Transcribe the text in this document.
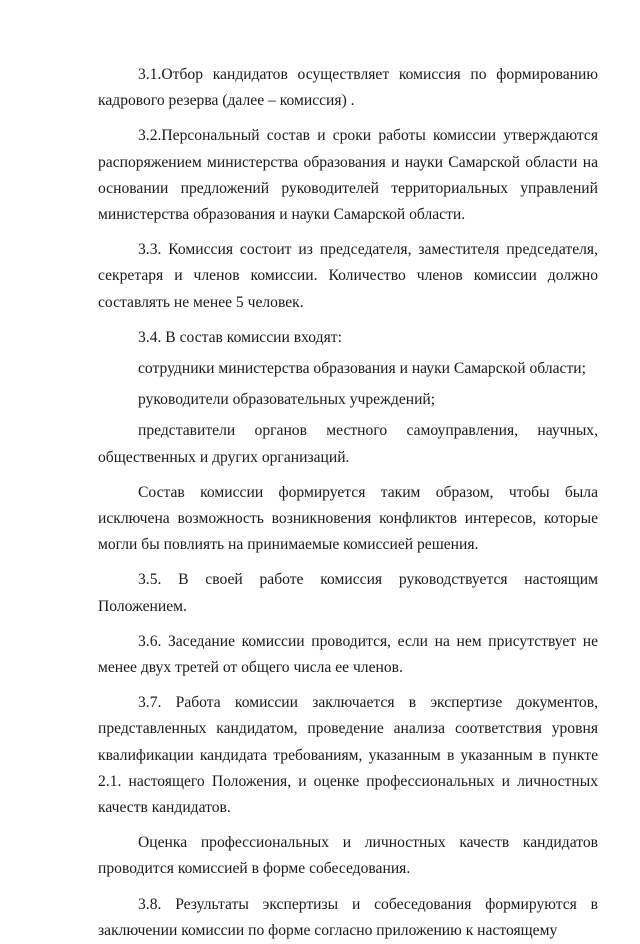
3.1.Отбор кандидатов осуществляет комиссия по формированию кадрового резерва (далее – комиссия) .

3.2.Персональный состав и сроки работы комиссии утверждаются распоряжением министерства образования и науки Самарской области на основании предложений руководителей территориальных управлений министерства образования и науки Самарской области.

3.3. Комиссия состоит из председателя, заместителя председателя, секретаря и членов комиссии. Количество членов комиссии должно составлять не менее 5 человек.

3.4. В состав комиссии входят:

сотрудники министерства образования и науки Самарской области;

руководители образовательных учреждений;

представители органов местного самоуправления, научных, общественных и других организаций.

Состав комиссии формируется таким образом, чтобы была исключена возможность возникновения конфликтов интересов, которые могли бы повлиять на принимаемые комиссией решения.

3.5. В своей работе комиссия руководствуется настоящим Положением.

3.6. Заседание комиссии проводится, если на нем присутствует не менее двух третей от общего числа ее членов.

3.7. Работа комиссии заключается в экспертизе документов, представленных кандидатом, проведение анализа соответствия уровня квалификации кандидата требованиям, указанным в указанным в пункте 2.1. настоящего Положения, и оценке профессиональных и личностных качеств кандидатов.

Оценка профессиональных и личностных качеств кандидатов проводится комиссией в форме собеседования.

3.8. Результаты экспертизы и собеседования формируются в заключении комиссии по форме согласно приложению к настоящему
